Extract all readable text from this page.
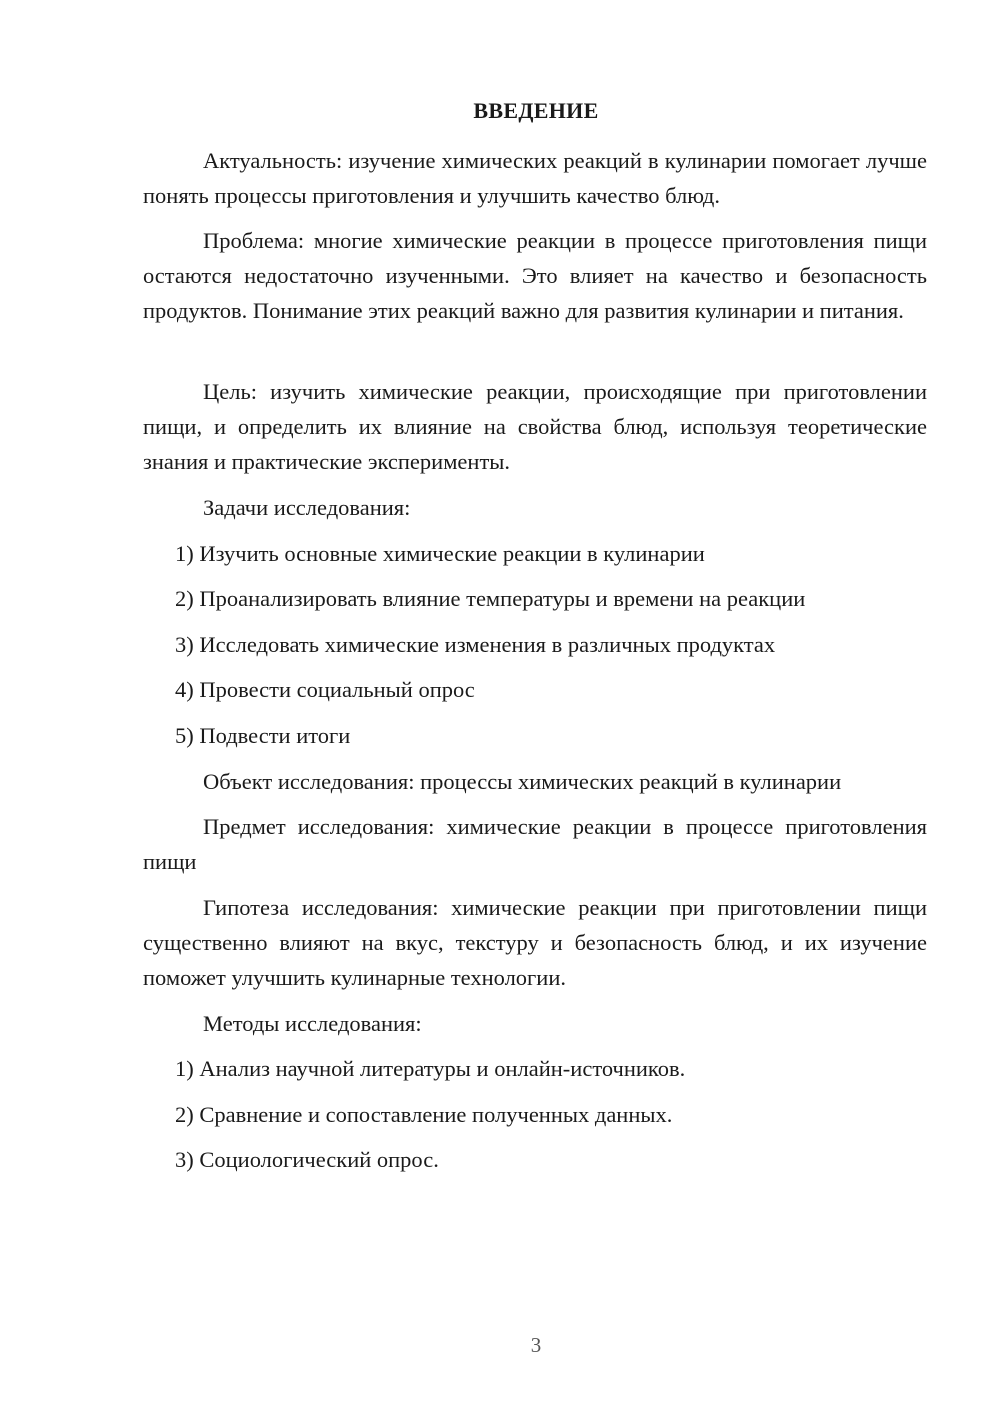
ВВЕДЕНИЕ
Актуальность: изучение химических реакций в кулинарии помогает лучше понять процессы приготовления и улучшить качество блюд.
Проблема: многие химические реакции в процессе приготовления пищи остаются недостаточно изученными. Это влияет на качество и безопасность продуктов. Понимание этих реакций важно для развития кулинарии и питания.
Цель: изучить химические реакции, происходящие при приготовлении пищи, и определить их влияние на свойства блюд, используя теоретические знания и практические эксперименты.
Задачи исследования:
1) Изучить основные химические реакции в кулинарии
2) Проанализировать влияние температуры и времени на реакции
3) Исследовать химические изменения в различных продуктах
4) Провести социальный опрос
5) Подвести итоги
Объект исследования: процессы химических реакций в кулинарии
Предмет исследования: химические реакции в процессе приготовления пищи
Гипотеза исследования: химические реакции при приготовлении пищи существенно влияют на вкус, текстуру и безопасность блюд, и их изучение поможет улучшить кулинарные технологии.
Методы исследования:
1) Анализ научной литературы и онлайн-источников.
2) Сравнение и сопоставление полученных данных.
3) Социологический опрос.
3
